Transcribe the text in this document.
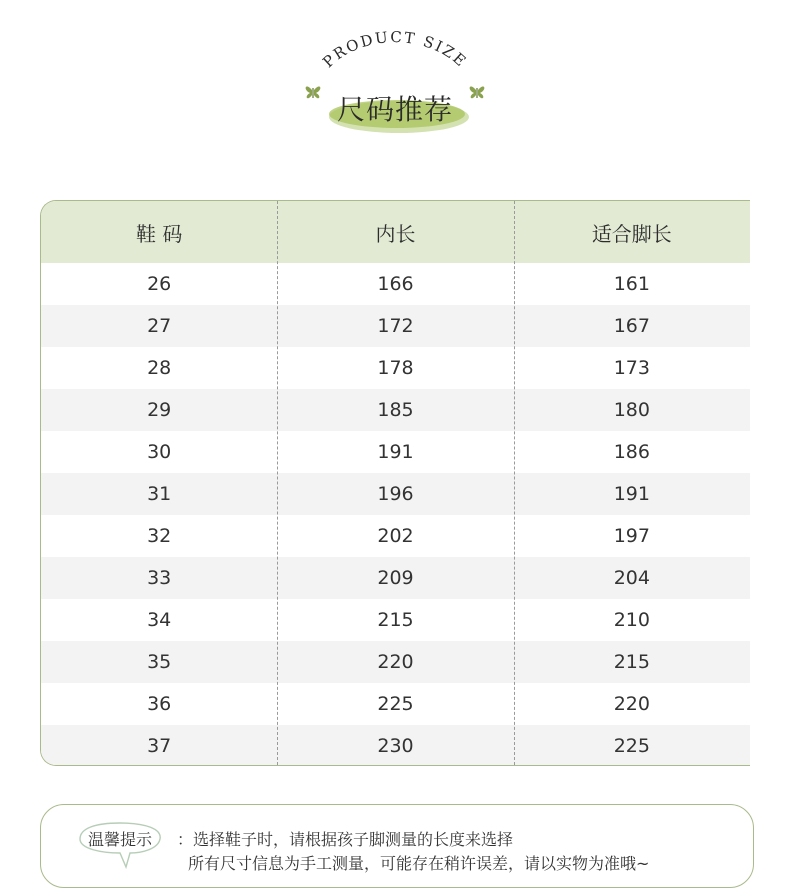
PRODUCT SIZE
尺码推荐
鞋 码	内长	适合脚长
26	166	161
27	172	167
28	178	173
29	185	180
30	191	186
31	196	191
32	202	197
33	209	204
34	215	210
35	220	215
36	225	220
37	230	225
温馨提示	：选择鞋子时，请根据孩子脚测量的长度来选择
所有尺寸信息为手工测量，可能存在稍许误差，请以实物为准哦~
